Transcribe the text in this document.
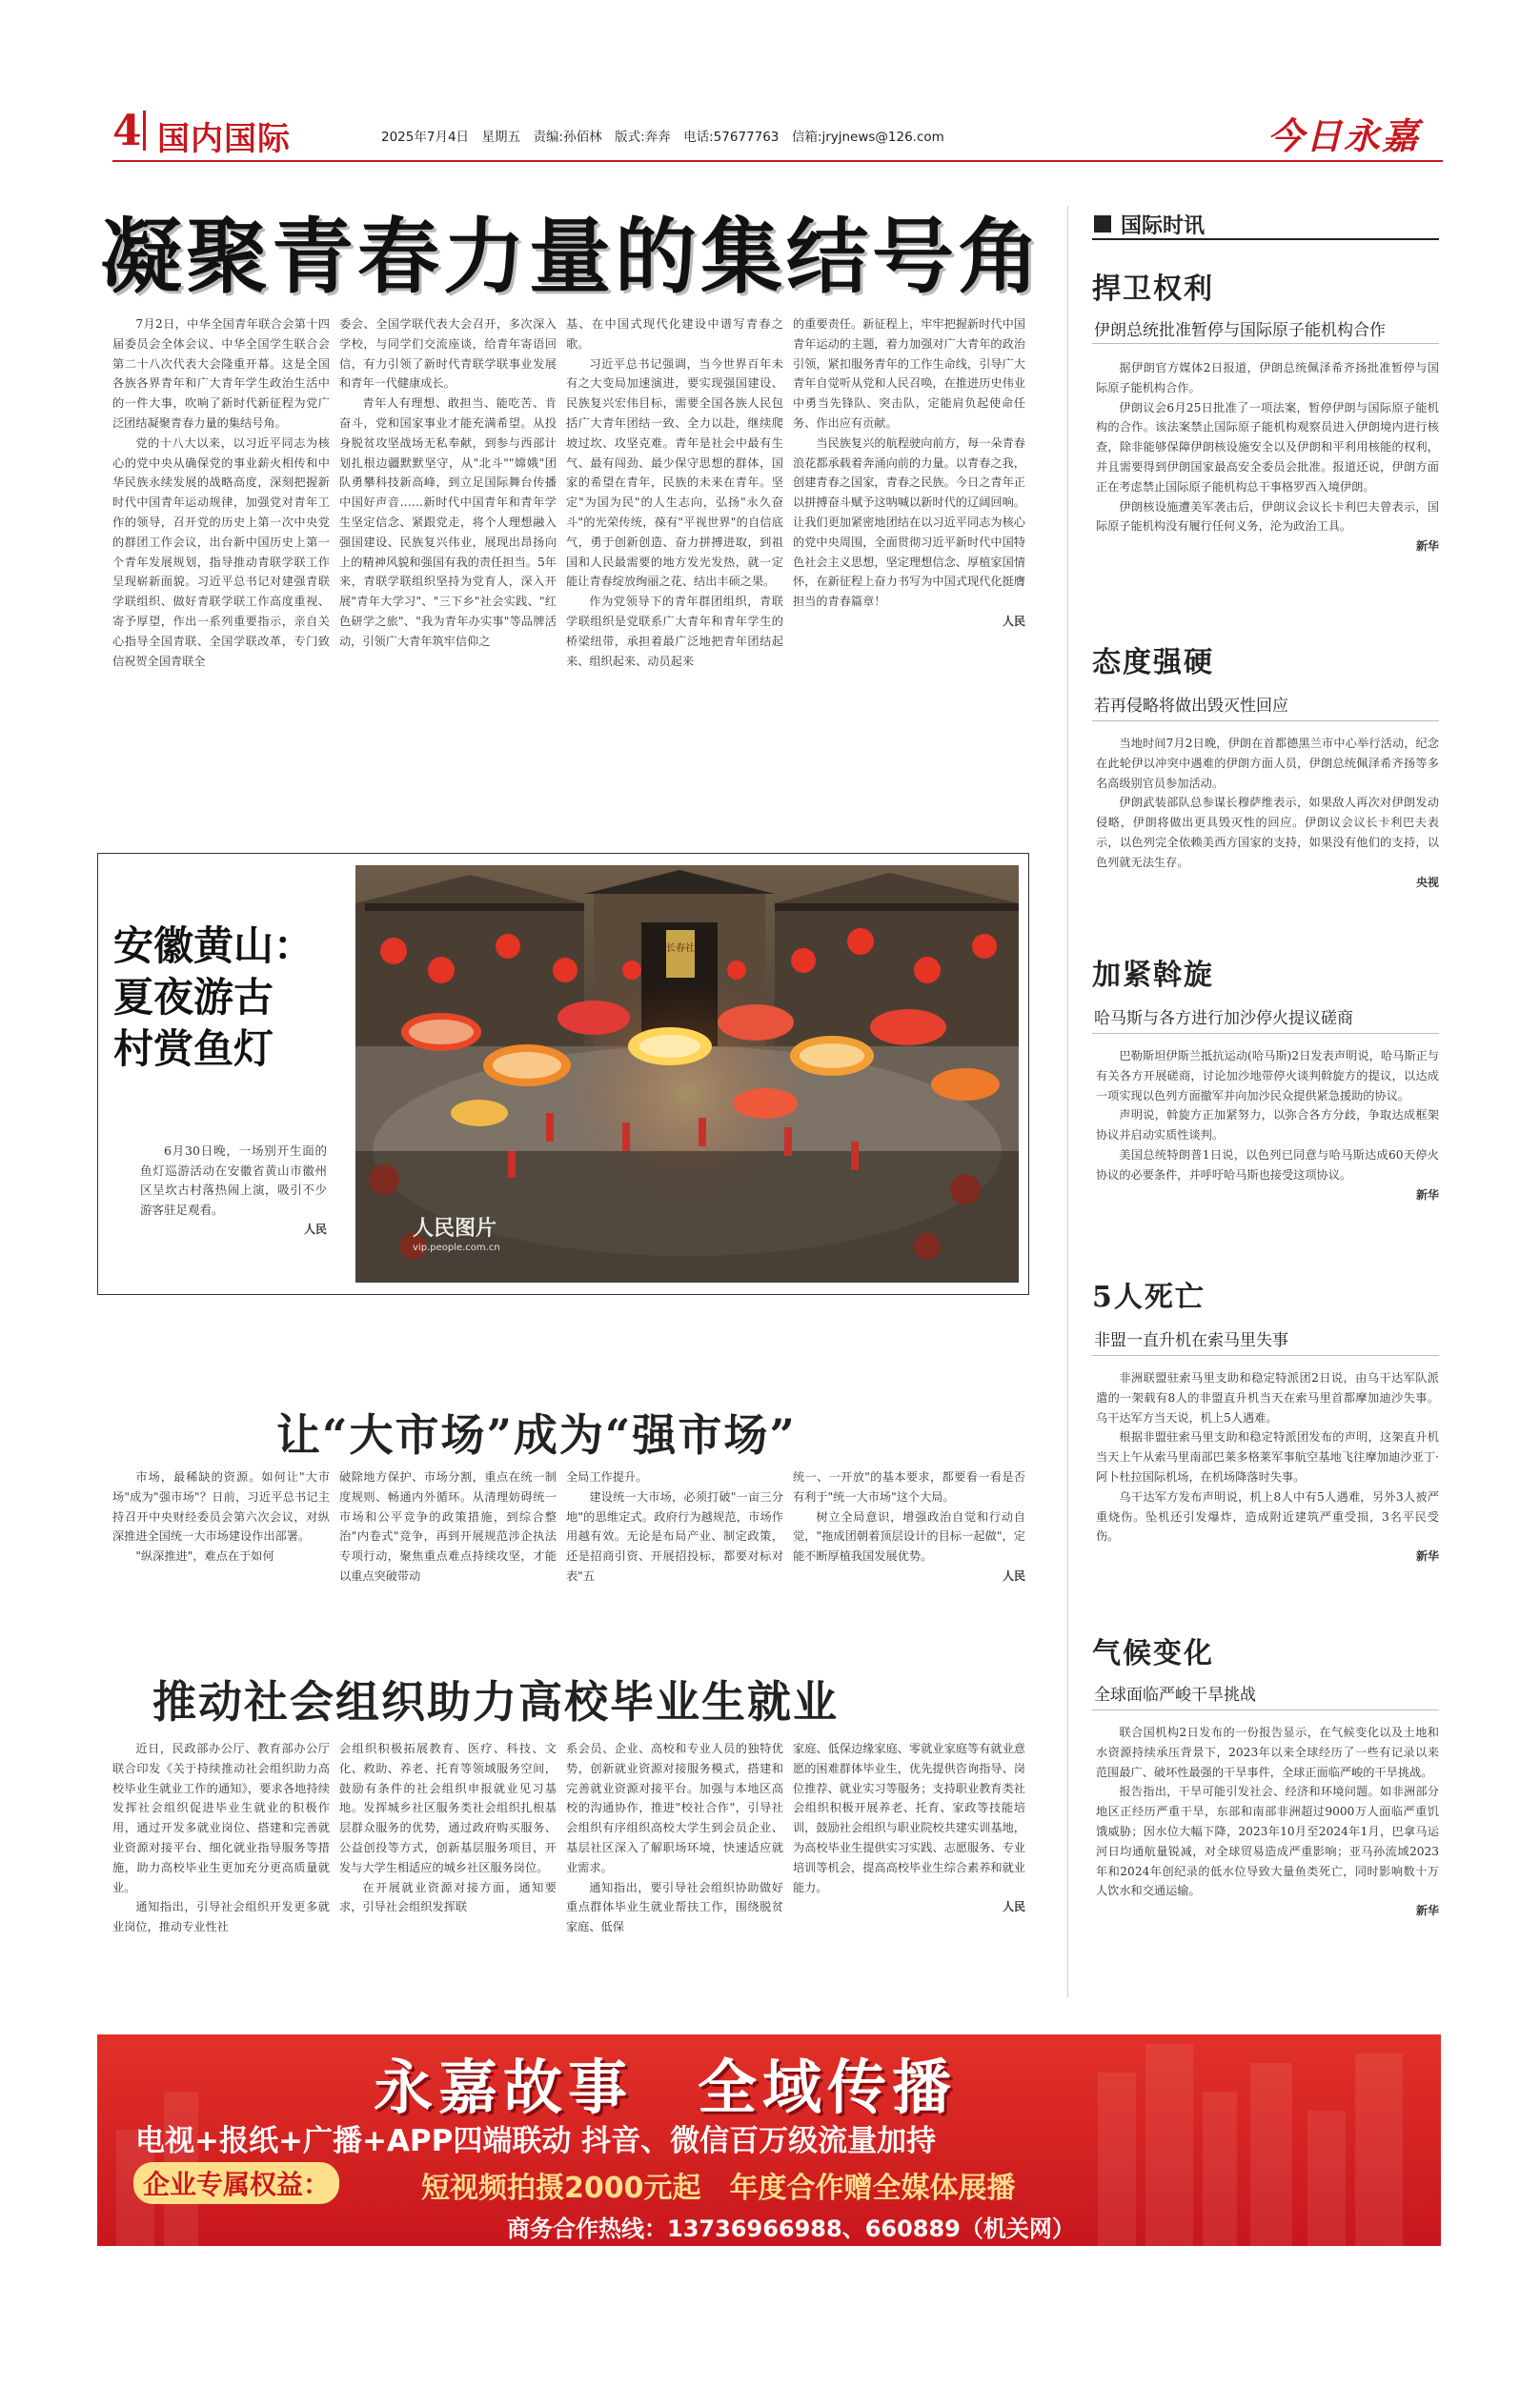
4 国内国际	2025年7月4日　星期五　责编:孙佰林　版式:奔奔　电话:57677763　信箱:jryjnews@126.com	今日永嘉
凝聚青春力量的集结号角

7月2日，中华全国青年联合会第十四届委员会全体会议、中华全国学生联合会第二十八次代表大会隆重开幕。这是全国各族各界青年和广大青年学生政治生活中的一件大事，吹响了新时代新征程为党广泛团结凝聚青春力量的集结号角。

党的十八大以来，以习近平同志为核心的党中央从确保党的事业薪火相传和中华民族永续发展的战略高度，深刻把握新时代中国青年运动规律，加强党对青年工作的领导，召开党的历史上第一次中央党的群团工作会议，出台新中国历史上第一个青年发展规划，指导推动青联学联工作呈现崭新面貌。习近平总书记对建强青联学联组织、做好青联学联工作高度重视、寄予厚望，作出一系列重要指示，亲自关心指导全国青联、全国学联改革，专门致信祝贺全国青联全

委会、全国学联代表大会召开，多次深入学校，与同学们交流座谈，给青年寄语回信，有力引领了新时代青联学联事业发展和青年一代健康成长。

青年人有理想、敢担当、能吃苦、肯奋斗，党和国家事业才能充满希望。从投身脱贫攻坚战场无私奉献，到参与西部计划扎根边疆默默坚守，从"北斗""嫦娥"团队勇攀科技新高峰，到立足国际舞台传播中国好声音……新时代中国青年和青年学生坚定信念、紧跟党走，将个人理想融入强国建设、民族复兴伟业，展现出昂扬向上的精神风貌和强国有我的责任担当。5年来，青联学联组织坚持为党育人，深入开展"青年大学习"、"三下乡"社会实践、"红色研学之旅"、"我为青年办实事"等品牌活动，引领广大青年筑牢信仰之

基、在中国式现代化建设中谱写青春之歌。

习近平总书记强调，当今世界百年未有之大变局加速演进，要实现强国建设、民族复兴宏伟目标，需要全国各族人民包括广大青年团结一致、全力以赴，继续爬坡过坎、攻坚克难。青年是社会中最有生气、最有闯劲、最少保守思想的群体，国家的希望在青年，民族的未来在青年。坚定"为国为民"的人生志向，弘扬"永久奋斗"的光荣传统，葆有"平视世界"的自信底气，勇于创新创造、奋力拼搏进取，到祖国和人民最需要的地方发光发热，就一定能让青春绽放绚丽之花、结出丰硕之果。

作为党领导下的青年群团组织，青联学联组织是党联系广大青年和青年学生的桥梁纽带，承担着最广泛地把青年团结起来、组织起来、动员起来

的重要责任。新征程上，牢牢把握新时代中国青年运动的主题，着力加强对广大青年的政治引领，紧扣服务青年的工作生命线，引导广大青年自觉听从党和人民召唤，在推进历史伟业中勇当先锋队、突击队，定能肩负起使命任务、作出应有贡献。

当民族复兴的航程驶向前方，每一朵青春浪花都承载着奔涌向前的力量。以青春之我，创建青春之国家，青春之民族。今日之青年正以拼搏奋斗赋予这呐喊以新时代的辽阔回响。让我们更加紧密地团结在以习近平同志为核心的党中央周围，全面贯彻习近平新时代中国特色社会主义思想，坚定理想信念、厚植家国情怀，在新征程上奋力书写为中国式现代化挺膺担当的青春篇章！

人民
安徽黄山：
夏夜游古
村赏鱼灯

6月30日晚，一场别开生面的鱼灯巡游活动在安徽省黄山市徽州区呈坎古村落热闹上演，吸引不少游客驻足观看。

人民
长春社
人民图片
vip.people.com.cn
让“大市场”成为“强市场”

市场，最稀缺的资源。如何让"大市场"成为"强市场"？日前，习近平总书记主持召开中央财经委员会第六次会议，对纵深推进全国统一大市场建设作出部署。

"纵深推进"，难点在于如何

破除地方保护、市场分割，重点在统一制度规则、畅通内外循环。从清理妨碍统一市场和公平竞争的政策措施，到综合整治"内卷式"竞争，再到开展规范涉企执法专项行动，聚焦重点难点持续攻坚，才能以重点突破带动

全局工作提升。

建设统一大市场，必须打破"一亩三分地"的思维定式。政府行为越规范，市场作用越有效。无论是布局产业、制定政策，还是招商引资、开展招投标，都要对标对表"五

统一、一开放"的基本要求，都要看一看是否有利于"统一大市场"这个大局。

树立全局意识，增强政治自觉和行动自觉，"拖成团朝着顶层设计的目标一起做"，定能不断厚植我国发展优势。

人民
推动社会组织助力高校毕业生就业

近日，民政部办公厅、教育部办公厅联合印发《关于持续推动社会组织助力高校毕业生就业工作的通知》，要求各地持续发挥社会组织促进毕业生就业的积极作用，通过开发多就业岗位、搭建和完善就业资源对接平台、细化就业指导服务等措施，助力高校毕业生更加充分更高质量就业。

通知指出，引导社会组织开发更多就业岗位，推动专业性社

会组织积极拓展教育、医疗、科技、文化、救助、养老、托育等领域服务空间，鼓励有条件的社会组织申报就业见习基地。发挥城乡社区服务类社会组织扎根基层群众服务的优势，通过政府购买服务、公益创投等方式，创新基层服务项目，开发与大学生相适应的城乡社区服务岗位。

在开展就业资源对接方面，通知要求，引导社会组织发挥联

系会员、企业、高校和专业人员的独特优势，创新就业资源对接服务模式，搭建和完善就业资源对接平台。加强与本地区高校的沟通协作，推进"校社合作"，引导社会组织有序组织高校大学生到会员企业、基层社区深入了解职场环境，快速适应就业需求。

通知指出，要引导社会组织协助做好重点群体毕业生就业帮扶工作，围绕脱贫家庭、低保

家庭、低保边缘家庭、零就业家庭等有就业意愿的困难群体毕业生，优先提供咨询指导、岗位推荐、就业实习等服务；支持职业教育类社会组织积极开展养老、托育、家政等技能培训，鼓励社会组织与职业院校共建实训基地，为高校毕业生提供实习实践、志愿服务、专业培训等机会，提高高校毕业生综合素养和就业能力。

人民
国际时讯
捍卫权利
伊朗总统批准暂停与国际原子能机构合作

据伊朗官方媒体2日报道，伊朗总统佩泽希齐扬批准暂停与国际原子能机构合作。

伊朗议会6月25日批准了一项法案，暂停伊朗与国际原子能机构的合作。该法案禁止国际原子能机构观察员进入伊朗境内进行核查，除非能够保障伊朗核设施安全以及伊朗和平利用核能的权利，并且需要得到伊朗国家最高安全委员会批准。报道还说，伊朗方面正在考虑禁止国际原子能机构总干事格罗西入境伊朗。

伊朗核设施遭美军袭击后，伊朗议会议长卡利巴夫曾表示，国际原子能机构没有履行任何义务，沦为政治工具。

新华
态度强硬
若再侵略将做出毁灭性回应

当地时间7月2日晚，伊朗在首都德黑兰市中心举行活动，纪念在此轮伊以冲突中遇难的伊朗方面人员，伊朗总统佩泽希齐扬等多名高级别官员参加活动。

伊朗武装部队总参谋长穆萨维表示，如果敌人再次对伊朗发动侵略，伊朗将做出更具毁灭性的回应。伊朗议会议长卡利巴夫表示，以色列完全依赖美西方国家的支持，如果没有他们的支持，以色列就无法生存。

央视
加紧斡旋
哈马斯与各方进行加沙停火提议磋商

巴勒斯坦伊斯兰抵抗运动(哈马斯)2日发表声明说，哈马斯正与有关各方开展磋商，讨论加沙地带停火谈判斡旋方的提议，以达成一项实现以色列方面撤军并向加沙民众提供紧急援助的协议。

声明说，斡旋方正加紧努力，以弥合各方分歧，争取达成框架协议并启动实质性谈判。

美国总统特朗普1日说，以色列已同意与哈马斯达成60天停火协议的必要条件，并呼吁哈马斯也接受这项协议。

新华
5人死亡
非盟一直升机在索马里失事

非洲联盟驻索马里支助和稳定特派团2日说，由乌干达军队派遣的一架载有8人的非盟直升机当天在索马里首都摩加迪沙失事。乌干达军方当天说，机上5人遇难。

根据非盟驻索马里支助和稳定特派团发布的声明，这架直升机当天上午从索马里南部巴莱多格莱军事航空基地飞往摩加迪沙亚丁·阿卜杜拉国际机场，在机场降落时失事。

乌干达军方发布声明说，机上8人中有5人遇难，另外3人被严重烧伤。坠机还引发爆炸，造成附近建筑严重受损，3名平民受伤。

新华
气候变化
全球面临严峻干旱挑战

联合国机构2日发布的一份报告显示，在气候变化以及土地和水资源持续承压背景下，2023年以来全球经历了一些有记录以来范围最广、破坏性最强的干旱事件，全球正面临严峻的干旱挑战。

报告指出，干旱可能引发社会、经济和环境问题。如非洲部分地区正经历严重干旱，东部和南部非洲超过9000万人面临严重饥饿威胁；因水位大幅下降，2023年10月至2024年1月，巴拿马运河日均通航量锐减，对全球贸易造成严重影响；亚马孙流域2023年和2024年创纪录的低水位导致大量鱼类死亡，同时影响数十万人饮水和交通运输。

新华
永嘉故事　全域传播
电视+报纸+广播+APP四端联动 抖音、微信百万级流量加持
企业专属权益：	短视频拍摄2000元起　年度合作赠全媒体展播
商务合作热线：13736966988、660889（机关网）
